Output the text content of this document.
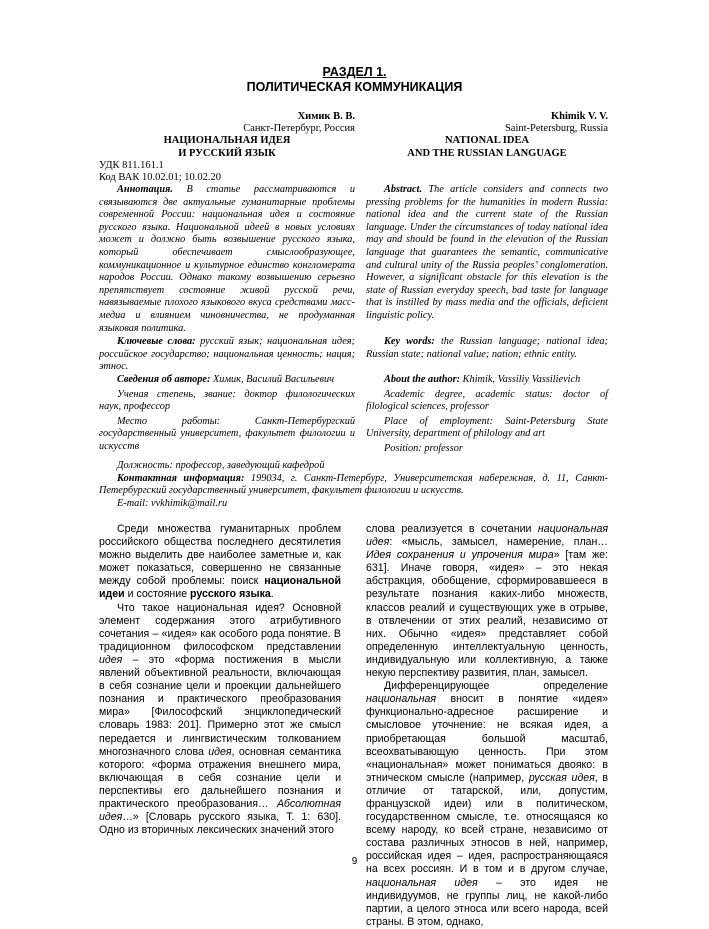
РАЗДЕЛ 1.
ПОЛИТИЧЕСКАЯ КОММУНИКАЦИЯ
Химик В. В.
Санкт-Петербург, Россия
НАЦИОНАЛЬНАЯ ИДЕЯ
И РУССКИЙ ЯЗЫК
УДК 811.161.1
Код ВАК 10.02.01; 10.02.20
Khimik V. V.
Saint-Petersburg, Russia
NATIONAL IDEA
AND THE RUSSIAN LANGUAGE

Аннотация. В статье рассматриваются и связываются две актуальные гуманитарные проблемы современной России: национальная идея и состояние русского языка. Национальной идеей в новых условиях может и должно быть возвышение русского языка, который обеспечивает смыслообразующее, коммуникационное и культурное единство конгломерата народов России. Однако такому возвышению серьезно препятствует состояние живой русской речи, навязываемые плохого языкового вкуса средствами масс-медиа и влиянием чиновничества, не продуманная языковая политика.

Abstract. The article considers and connects two pressing problems for the humanities in modern Russia: national idea and the current state of the Russian language. Under the circumstances of today national idea may and should be found in the elevation of the Russian language that guarantees the semantic, communicative and cultural unity of the Russia peoples’ conglomeration. However, a significant obstacle for this elevation is the state of Russian everyday speech, bad taste for language that is instilled by mass media and the officials, deficient linguistic policy.

Ключевые слова: русский язык; национальная идея; российское государство; национальная ценность; нация; этнос.

Key words: the Russian language; national idea; Russian state; national value; nation; ethnic entity.

Сведения об авторе: Химик, Василий Васильевич

Ученая степень, звание: доктор филологических наук, профессор

Место работы: Санкт-Петербургский государственный университет, факультет филологии и искусств

About the author: Khimik, Vassiliy Vassilievich

Academic degree, academic status: doctor of filological sciences, professor

Place of employment: Saint-Petersburg State University, department of philology and art

Position: professor

Должность: профессор, заведующий кафедрой

Контактная информация: 199034, г. Санкт-Петербург, Университетская набережная, д. 11, Санкт-Петербургский государственный университет, факультет филологии и искусств.

E-mail: vvkhimik@mail.ru

Среди множества гуманитарных проблем российского общества последнего десятилетия можно выделить две наиболее заметные и, как может показаться, совершенно не связанные между собой проблемы: поиск национальной идеи и состояние русского языка.

Что такое национальная идея? Основной элемент содержания этого атрибутивного сочетания – «идея» как особого рода понятие. В традиционном философском представлении идея – это «форма постижения в мысли явлений объективной реальности, включающая в себя сознание цели и проекции дальнейшего познания и практического преобразования мира» [Философский энциклопедический словарь 1983: 201]. Примерно этот же смысл передается и лингвистическим толкованием многозначного слова идея, основная семантика которого: «форма отражения внешнего мира, включающая в себя сознание цели и перспективы его дальнейшего познания и практического преобразования… Абсолютная идея…» [Словарь русского языка, Т. 1: 630]. Одно из вторичных лексических значений этого

слова реализуется в сочетании национальная идея: «мысль, замысел, намерение, план… Идея сохранения и упрочения мира» [там же: 631]. Иначе говоря, «идея» – это некая абстракция, обобщение, сформировавшееся в результате познания каких-либо множеств, классов реалий и существующих уже в отрыве, в отвлечении от этих реалий, независимо от них. Обычно «идея» представляет собой определенную интеллектуальную ценность, индивидуальную или коллективную, а также некую перспективу развития, план, замысел.

Дифференцирующее определение национальная вносит в понятие «идея» функционально-адресное расширение и смысловое уточнение: не всякая идея, а приобретающая большой масштаб, всеохватывающую ценность. При этом «национальная» может пониматься двояко: в этническом смысле (например, русская идея, в отличие от татарской, или, допустим, французской идеи) или в политическом, государственном смысле, т.е. относящаяся ко всему народу, ко всей стране, независимо от состава различных этносов в ней, например, российская идея – идея, распространяющаяся на всех россиян. И в том и в другом случае, национальная идея – это идея не индивидуумов, не группы лиц, не какой-либо партии, а целого этноса или всего народа, всей страны. В этом, однако,

9
